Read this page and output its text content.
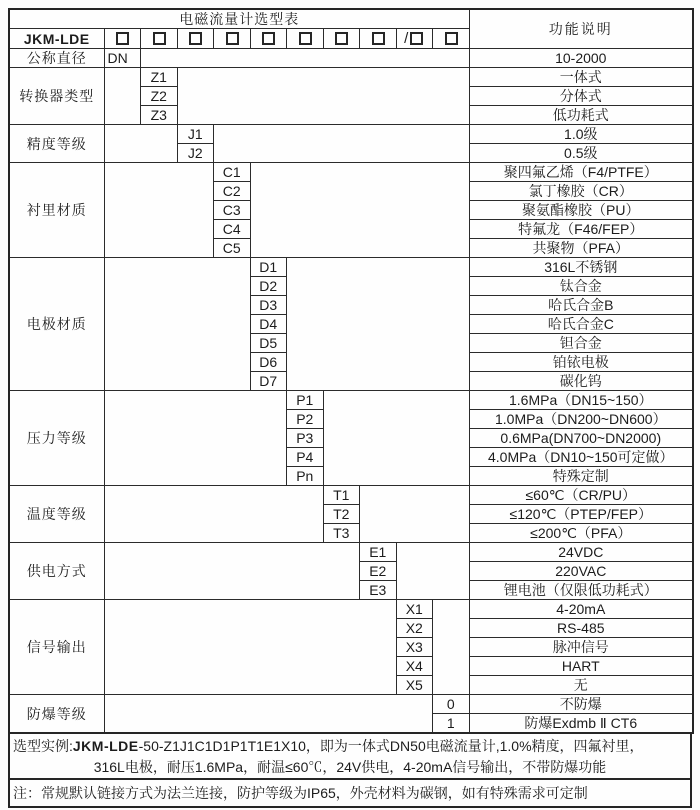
电磁流量计选型表											功能说明
JKM-LDE									/		
公称直径	DN										10-2000
转换器类型		Z1									一体式
		Z2									分体式
		Z3									低功耗式
精度等级			J1								1.0级
			J2								0.5级
衬里材质				C1							聚四氟乙烯（F4/PTFE）
				C2							氯丁橡胶（CR）
				C3							聚氨酯橡胶（PU）
				C4							特氟龙（F46/FEP）
				C5							共聚物（PFA）
电极材质					D1						316L不锈钢
					D2						钛合金
					D3						哈氏合金B
					D4						哈氏合金C
					D5						钽合金
					D6						铂铱电极
					D7						碳化钨
压力等级						P1					1.6MPa（DN15~150）
						P2					1.0MPa（DN200~DN600）
						P3					0.6MPa(DN700~DN2000)
						P4					4.0MPa（DN10~150可定做）
						Pn					特殊定制
温度等级							T1				≤60℃（CR/PU）
							T2				≤120℃（PTEP/FEP）
							T3				≤200℃（PFA）
供电方式								E1			24VDC
								E2			220VAC
								E3			锂电池（仅限低功耗式）
信号输出									X1		4-20mA
									X2		RS-485
									X3		脉冲信号
									X4		HART
									X5		无
防爆等级										0	不防爆
										1	防爆Exdmb Ⅱ CT6
选型实例:JKM-LDE-50-Z1J1C1D1P1T1E1X10，即为一体式DN50电磁流量计,1.0%精度，四氟衬里，
316L电极，耐压1.6MPa，耐温≤60℃，24V供电，4-20mA信号输出，不带防爆功能
注：常规默认链接方式为法兰连接，防护等级为IP65，外壳材料为碳钢，如有特殊需求可定制
